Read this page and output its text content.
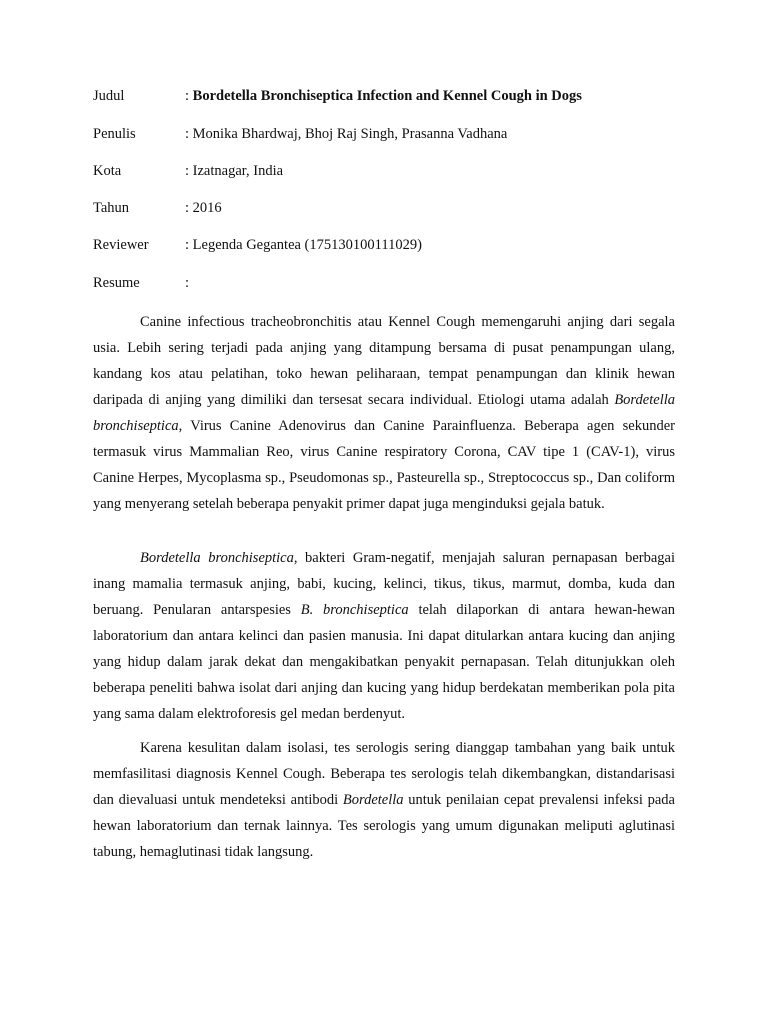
Judul	: Bordetella Bronchiseptica Infection and Kennel Cough in Dogs
Penulis	: Monika Bhardwaj, Bhoj Raj Singh, Prasanna Vadhana
Kota	: Izatnagar, India
Tahun	: 2016
Reviewer	: Legenda Gegantea (175130100111029)
Resume	:

Canine infectious tracheobronchitis atau Kennel Cough memengaruhi anjing dari segala usia. Lebih sering terjadi pada anjing yang ditampung bersama di pusat penampungan ulang, kandang kos atau pelatihan, toko hewan peliharaan, tempat penampungan dan klinik hewan daripada di anjing yang dimiliki dan tersesat secara individual. Etiologi utama adalah Bordetella bronchiseptica, Virus Canine Adenovirus dan Canine Parainfluenza. Beberapa agen sekunder termasuk virus Mammalian Reo, virus Canine respiratory Corona, CAV tipe 1 (CAV-1), virus Canine Herpes, Mycoplasma sp., Pseudomonas sp., Pasteurella sp., Streptococcus sp., Dan coliform yang menyerang setelah beberapa penyakit primer dapat juga menginduksi gejala batuk.

Bordetella bronchiseptica, bakteri Gram-negatif, menjajah saluran pernapasan berbagai inang mamalia termasuk anjing, babi, kucing, kelinci, tikus, tikus, marmut, domba, kuda dan beruang. Penularan antarspesies B. bronchiseptica telah dilaporkan di antara hewan-hewan laboratorium dan antara kelinci dan pasien manusia. Ini dapat ditularkan antara kucing dan anjing yang hidup dalam jarak dekat dan mengakibatkan penyakit pernapasan. Telah ditunjukkan oleh beberapa peneliti bahwa isolat dari anjing dan kucing yang hidup berdekatan memberikan pola pita yang sama dalam elektroforesis gel medan berdenyut.

Karena kesulitan dalam isolasi, tes serologis sering dianggap tambahan yang baik untuk memfasilitasi diagnosis Kennel Cough. Beberapa tes serologis telah dikembangkan, distandarisasi dan dievaluasi untuk mendeteksi antibodi Bordetella untuk penilaian cepat prevalensi infeksi pada hewan laboratorium dan ternak lainnya. Tes serologis yang umum digunakan meliputi aglutinasi tabung, hemaglutinasi tidak langsung.
